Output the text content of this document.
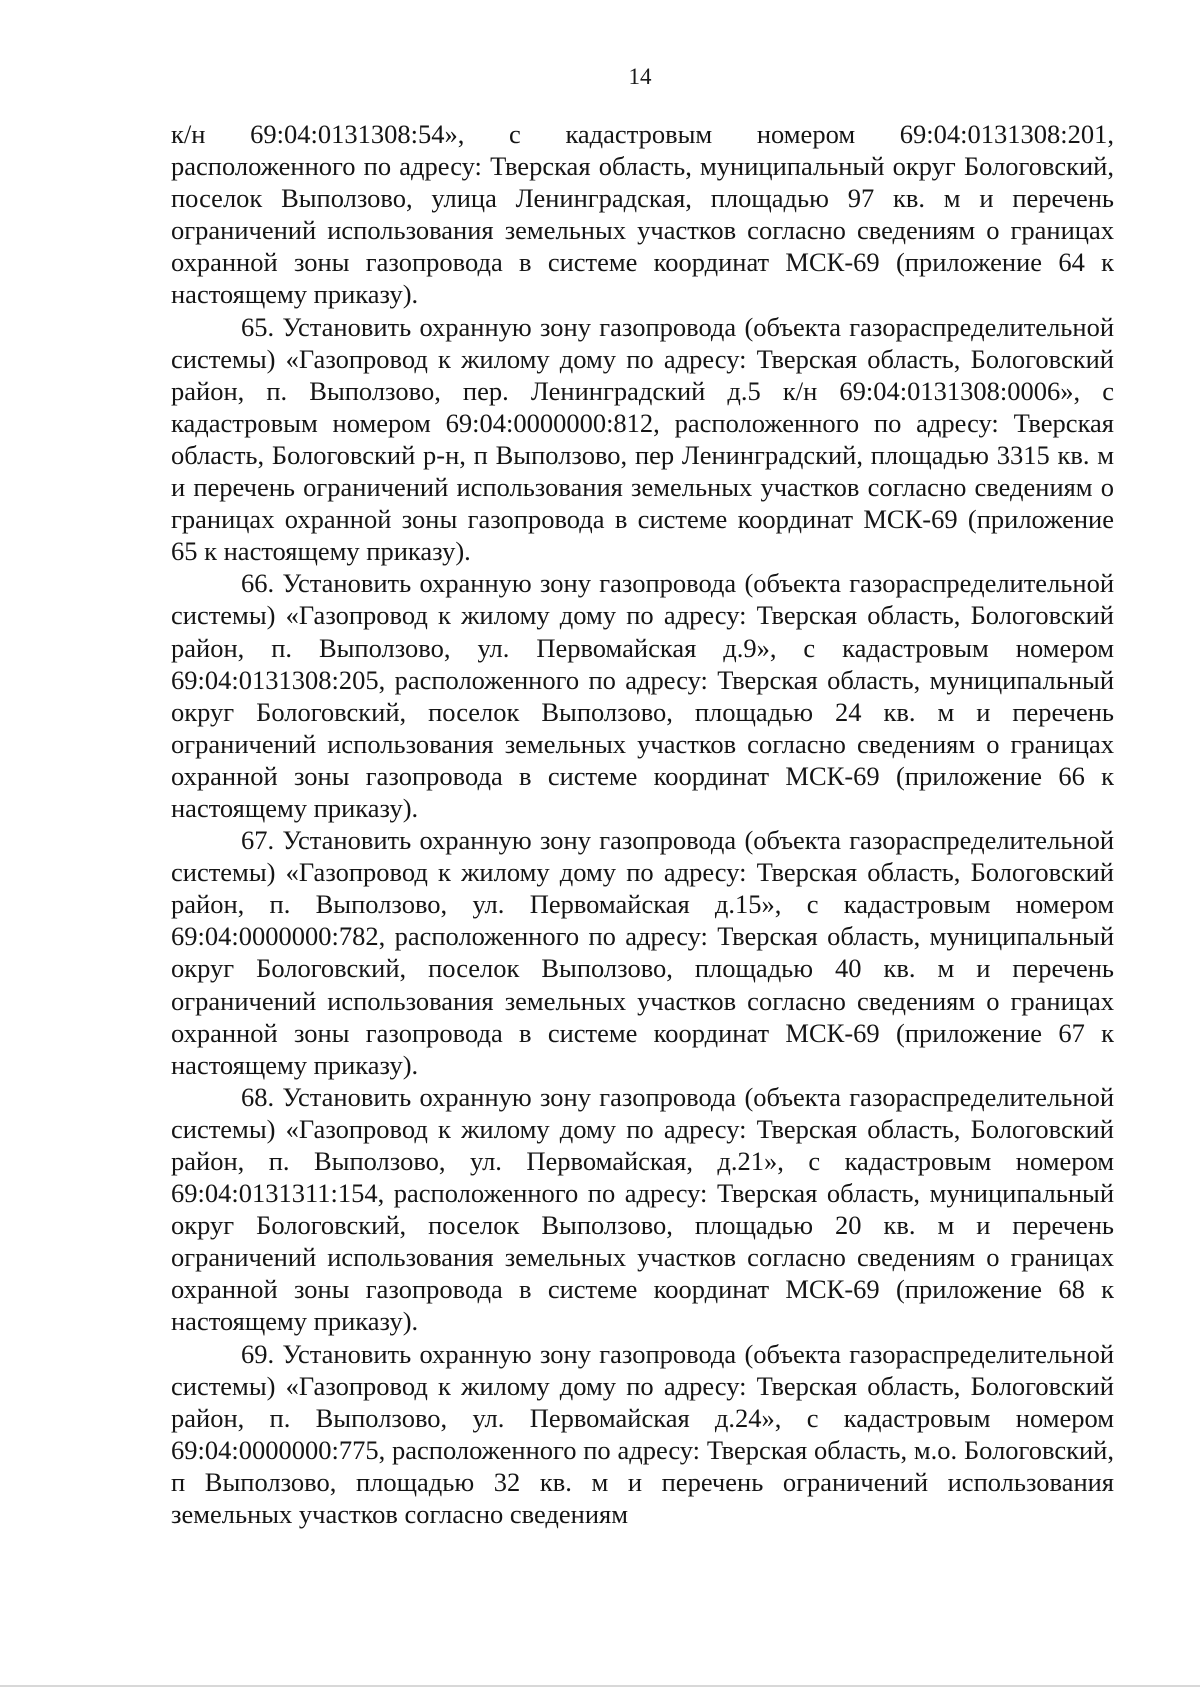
14

к/н 69:04:0131308:54», с кадастровым номером 69:04:0131308:201, расположенного по адресу: Тверская область, муниципальный округ Бологовский, поселок Выползово, улица Ленинградская, площадью 97 кв. м и перечень ограничений использования земельных участков согласно сведениям о границах охранной зоны газопровода в системе координат МСК-69 (приложение 64 к настоящему приказу).

65. Установить охранную зону газопровода (объекта газораспределительной системы) «Газопровод к жилому дому по адресу: Тверская область, Бологовский район, п. Выползово, пер. Ленинградский д.5 к/н 69:04:0131308:0006», с кадастровым номером 69:04:0000000:812, расположенного по адресу: Тверская область, Бологовский р-н, п Выползово, пер Ленинградский, площадью 3315 кв. м и перечень ограничений использования земельных участков согласно сведениям о границах охранной зоны газопровода в системе координат МСК-69 (приложение 65 к настоящему приказу).

66. Установить охранную зону газопровода (объекта газораспределительной системы) «Газопровод к жилому дому по адресу: Тверская область, Бологовский район, п. Выползово, ул. Первомайская д.9», с кадастровым номером 69:04:0131308:205, расположенного по адресу: Тверская область, муниципальный округ Бологовский, поселок Выползово, площадью 24 кв. м и перечень ограничений использования земельных участков согласно сведениям о границах охранной зоны газопровода в системе координат МСК-69 (приложение 66 к настоящему приказу).

67. Установить охранную зону газопровода (объекта газораспределительной системы) «Газопровод к жилому дому по адресу: Тверская область, Бологовский район, п. Выползово, ул. Первомайская д.15», с кадастровым номером 69:04:0000000:782, расположенного по адресу: Тверская область, муниципальный округ Бологовский, поселок Выползово, площадью 40 кв. м и перечень ограничений использования земельных участков согласно сведениям о границах охранной зоны газопровода в системе координат МСК-69 (приложение 67 к настоящему приказу).

68. Установить охранную зону газопровода (объекта газораспределительной системы) «Газопровод к жилому дому по адресу: Тверская область, Бологовский район, п. Выползово, ул. Первомайская, д.21», с кадастровым номером 69:04:0131311:154, расположенного по адресу: Тверская область, муниципальный округ Бологовский, поселок Выползово, площадью 20 кв. м и перечень ограничений использования земельных участков согласно сведениям о границах охранной зоны газопровода в системе координат МСК-69 (приложение 68 к настоящему приказу).

69. Установить охранную зону газопровода (объекта газораспределительной системы) «Газопровод к жилому дому по адресу: Тверская область, Бологовский район, п. Выползово, ул. Первомайская д.24», с кадастровым номером 69:04:0000000:775, расположенного по адресу: Тверская область, м.о. Бологовский, п Выползово, площадью 32 кв. м и перечень ограничений использования земельных участков согласно сведениям
